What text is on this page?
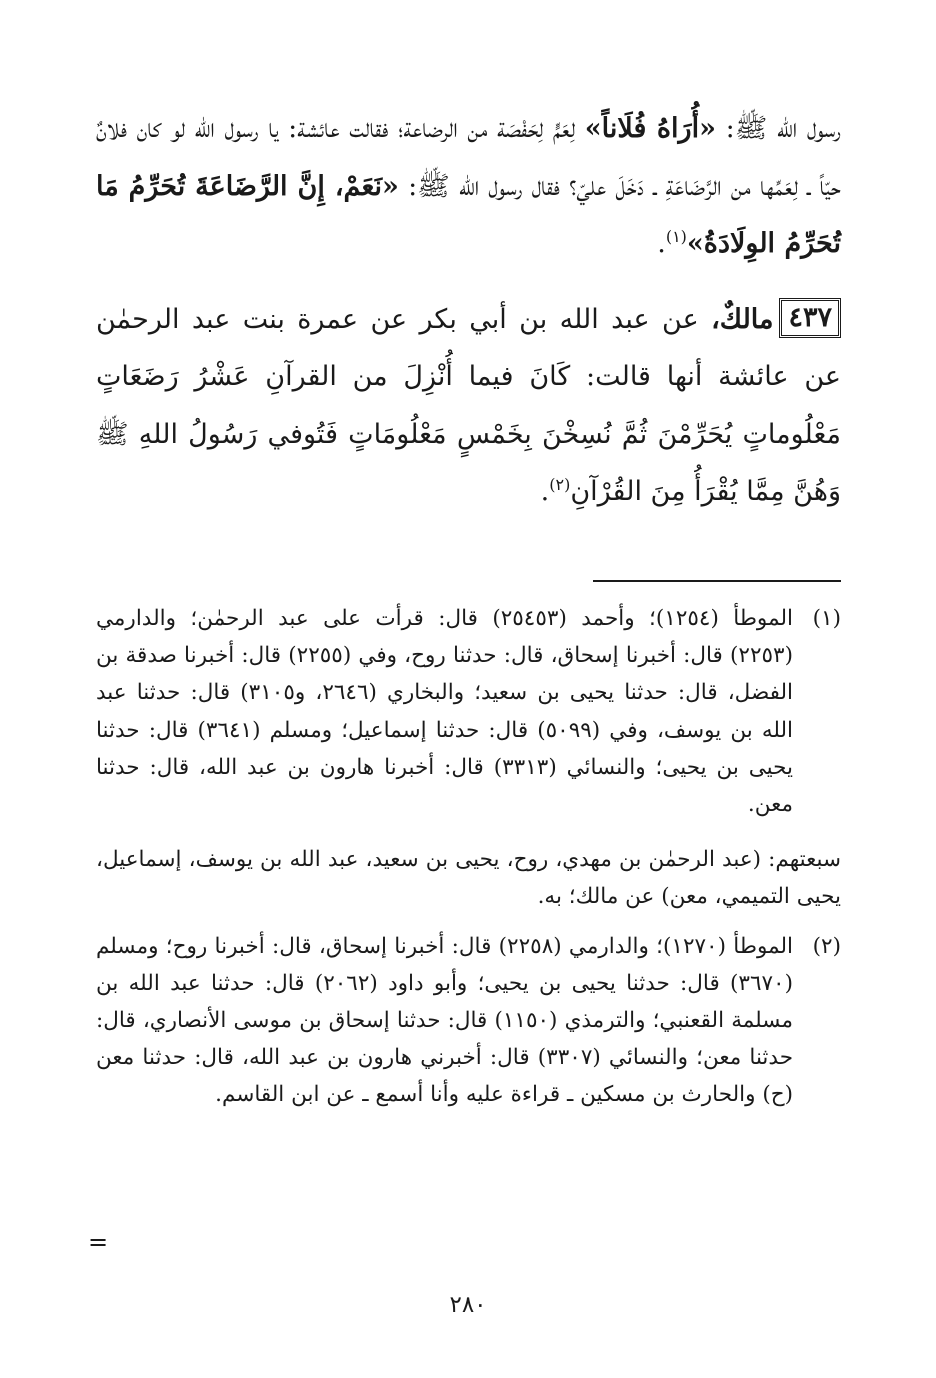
رسول الله ﷺ: «أُرَاهُ فُلَاناً» لِعَمٍّ لِحَفْصَة من الرضاعة؛ فقالت عائشة: يا رسول الله لو كان فلانٌ حيّاً ـ لِعَمِّها من الرَّضَاعَةِ ـ دَخَلَ عليّ؟ فقال رسول الله ﷺ: «نَعَمْ، إِنَّ الرَّضَاعَةَ تُحَرِّمُ مَا تُحَرِّمُ الوِلَادَةُ»$^{(١)}$.

٤٣٧مالكٌ، عن عبد الله بن أبي بكر عن عمرة بنت عبد الرحمٰن عن عائشة أنها قالت: كَانَ فيما أُنْزِلَ من القرآنِ عَشْرُ رَضَعَاتٍ مَعْلُوماتٍ يُحَرِّمْنَ ثُمَّ نُسِخْنَ بِخَمْسٍ مَعْلُومَاتٍ فَتُوفي رَسُولُ اللهِ ﷺ وَهُنَّ مِمَّا يُقْرَأُ مِنَ القُرْآنِ$^{(٢)}$.

(١)

الموطأ (١٢٥٤)؛ وأحمد (٢٥٤٥٣) قال: قرأت على عبد الرحمٰن؛ والدارمي (٢٢٥٣) قال: أخبرنا إسحاق، قال: حدثنا روح، وفي (٢٢٥٥) قال: أخبرنا صدقة بن الفضل، قال: حدثنا يحيى بن سعيد؛ والبخاري (٢٦٤٦، و٣١٠٥) قال: حدثنا عبد الله بن يوسف، وفي (٥٠٩٩) قال: حدثنا إسماعيل؛ ومسلم (٣٦٤١) قال: حدثنا يحيى بن يحيى؛ والنسائي (٣٣١٣) قال: أخبرنا هارون بن عبد الله، قال: حدثنا معن.

سبعتهم: (عبد الرحمٰن بن مهدي، روح، يحيى بن سعيد، عبد الله بن يوسف، إسماعيل، يحيى التميمي، معن) عن مالك؛ به.

(٢)

الموطأ (١٢٧٠)؛ والدارمي (٢٢٥٨) قال: أخبرنا إسحاق، قال: أخبرنا روح؛ ومسلم (٣٦٧٠) قال: حدثنا يحيى بن يحيى؛ وأبو داود (٢٠٦٢) قال: حدثنا عبد الله بن مسلمة القعنبي؛ والترمذي (١١٥٠) قال: حدثنا إسحاق بن موسى الأنصاري، قال: حدثنا معن؛ والنسائي (٣٣٠٧) قال: أخبرني هارون بن عبد الله، قال: حدثنا معن (ح) والحارث بن مسكين ـ قراءة عليه وأنا أسمع ـ عن ابن القاسم.

=
٢٨٠
